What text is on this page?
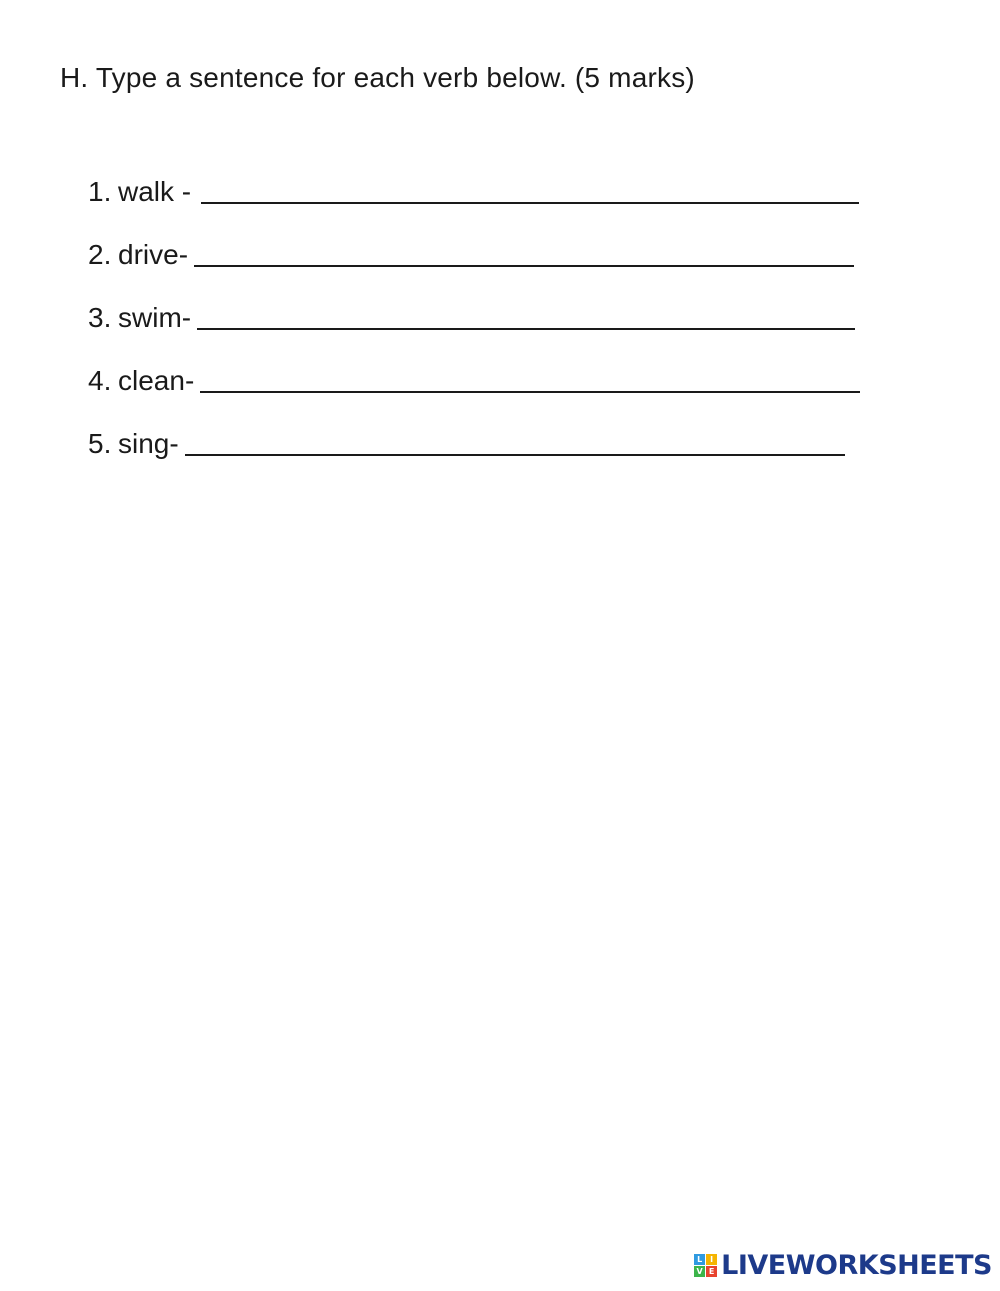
H. Type a sentence for each verb below. (5 marks)
1. walk -
2. drive-
3. swim-
4. clean-
5. sing-
L I
V E LIVEWORKSHEETS
